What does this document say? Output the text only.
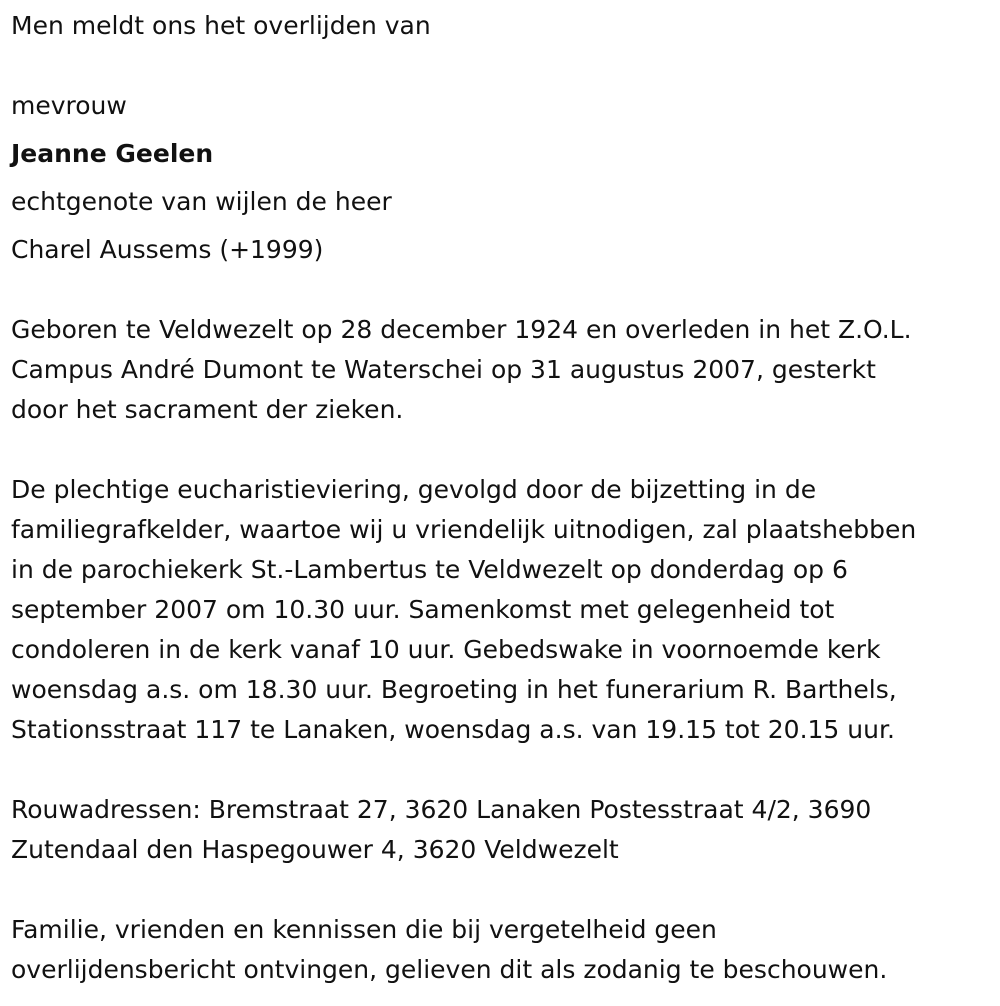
Men meldt ons het overlijden van
mevrouw
Jeanne Geelen
echtgenote van wijlen de heer
Charel Aussems (+1999)
Geboren te Veldwezelt op 28 december 1924 en overleden in het Z.O.L.
Campus André Dumont te Waterschei op 31 augustus 2007, gesterkt
door het sacrament der zieken.
De plechtige eucharistieviering, gevolgd door de bijzetting in de
familiegrafkelder, waartoe wij u vriendelijk uitnodigen, zal plaatshebben
in de parochiekerk St.-Lambertus te Veldwezelt op donderdag op 6
september 2007 om 10.30 uur. Samenkomst met gelegenheid tot
condoleren in de kerk vanaf 10 uur. Gebedswake in voornoemde kerk
woensdag a.s. om 18.30 uur. Begroeting in het funerarium R. Barthels,
Stationsstraat 117 te Lanaken, woensdag a.s. van 19.15 tot 20.15 uur.
Rouwadressen: Bremstraat 27, 3620 Lanaken Postesstraat 4/2, 3690
Zutendaal den Haspegouwer 4, 3620 Veldwezelt
Familie, vrienden en kennissen die bij vergetelheid geen
overlijdensbericht ontvingen, gelieven dit als zodanig te beschouwen.
